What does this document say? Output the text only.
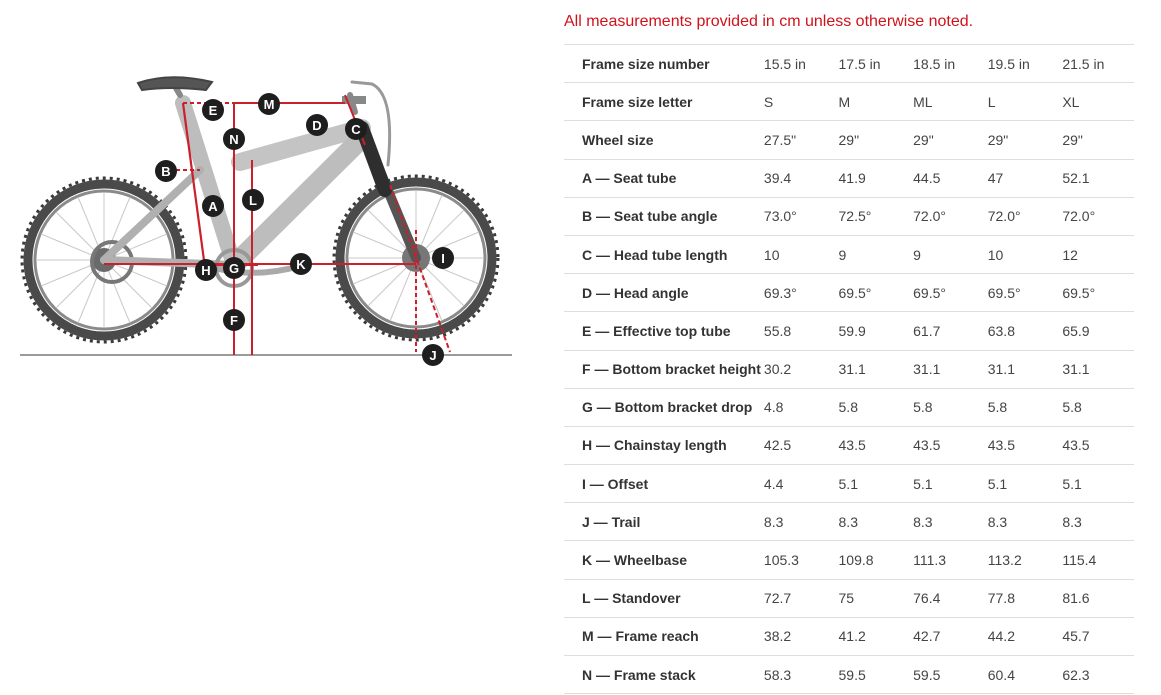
A
B
C
D
E
F
G
H
I
J
K
L
M
N
All measurements provided in cm unless otherwise noted.
Frame size number	15.5 in	17.5 in	18.5 in	19.5 in	21.5 in
Frame size letter	S	M	ML	L	XL
Wheel size	27.5"	29"	29"	29"	29"
A — Seat tube	39.4	41.9	44.5	47	52.1
B — Seat tube angle	73.0°	72.5°	72.0°	72.0°	72.0°
C — Head tube length	10	9	9	10	12
D — Head angle	69.3°	69.5°	69.5°	69.5°	69.5°
E — Effective top tube	55.8	59.9	61.7	63.8	65.9
F — Bottom bracket height	30.2	31.1	31.1	31.1	31.1
G — Bottom bracket drop	4.8	5.8	5.8	5.8	5.8
H — Chainstay length	42.5	43.5	43.5	43.5	43.5
I — Offset	4.4	5.1	5.1	5.1	5.1
J — Trail	8.3	8.3	8.3	8.3	8.3
K — Wheelbase	105.3	109.8	111.3	113.2	115.4
L — Standover	72.7	75	76.4	77.8	81.6
M — Frame reach	38.2	41.2	42.7	44.2	45.7
N — Frame stack	58.3	59.5	59.5	60.4	62.3
